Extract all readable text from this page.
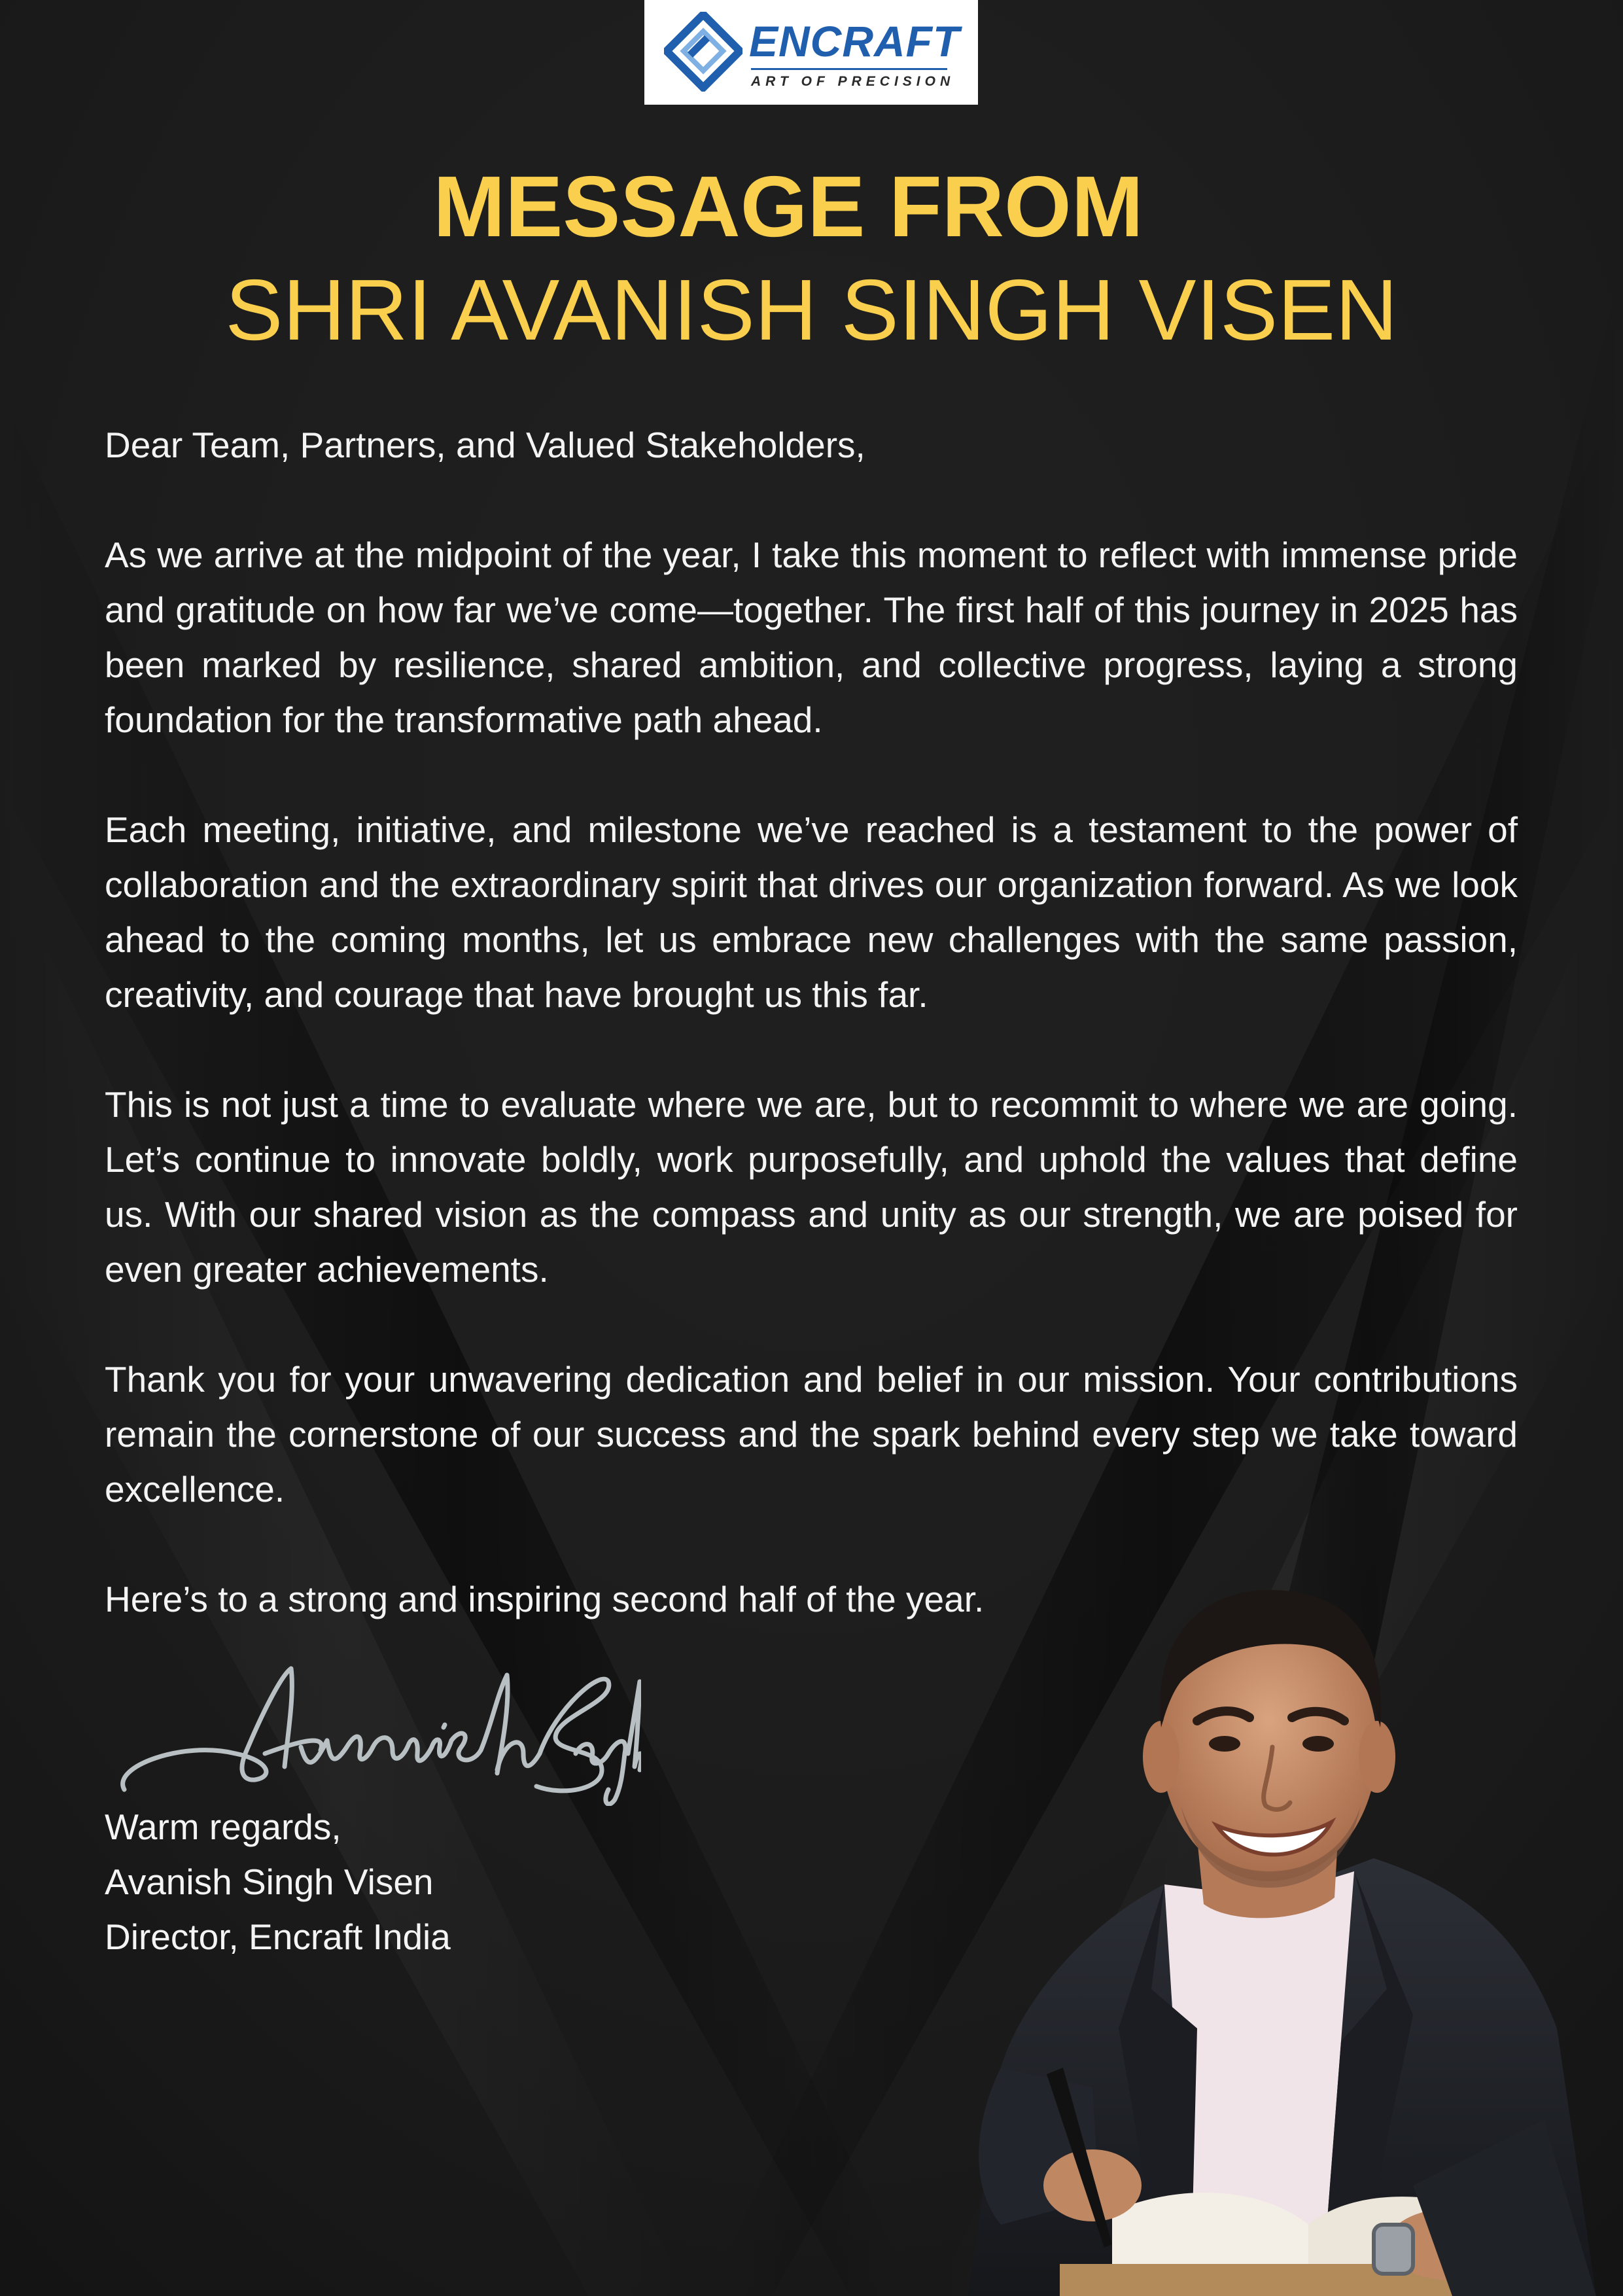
ENCRAFT
ART OF PRECISION
MESSAGE FROM
SHRI AVANISH SINGH VISEN

Dear Team, Partners, and Valued Stakeholders,

As we arrive at the midpoint of the year, I take this moment to reflect with immense pride and gratitude on how far we’ve come—together. The first half of this journey in 2025 has been marked by resilience, shared ambition, and collective progress, laying a strong foundation for the transformative path ahead.

Each meeting, initiative, and milestone we’ve reached is a testament to the power of collaboration and the extraordinary spirit that drives our organization forward. As we look ahead to the coming months, let us embrace new challenges with the same passion, creativity, and courage that have brought us this far.

This is not just a time to evaluate where we are, but to recommit to where we are going. Let’s continue to innovate boldly, work purposefully, and uphold the values that define us. With our shared vision as the compass and unity as our strength, we are poised for even greater achievements.

Thank you for your unwavering dedication and belief in our mission. Your contributions remain the cornerstone of our success and the spark behind every step we take toward excellence.

Here’s to a strong and inspiring second half of the year.

Warm regards,
Avanish Singh Visen
Director, Encraft India
